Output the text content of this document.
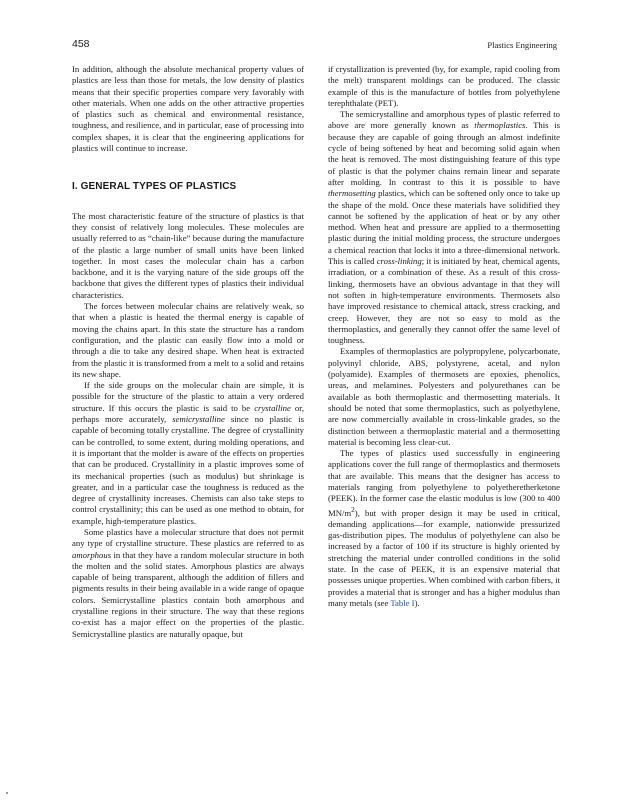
458	Plastics Engineering

In addition, although the absolute mechanical property values of plastics are less than those for metals, the low density of plastics means that their specific properties compare very favorably with other materials. When one adds on the other attractive properties of plastics such as chemical and environmental resistance, toughness, and resilience, and in particular, ease of processing into complex shapes, it is clear that the engineering applications for plastics will continue to increase.

I. GENERAL TYPES OF PLASTICS

The most characteristic feature of the structure of plastics is that they consist of relatively long molecules. These molecules are usually referred to as “chain-like” because during the manufacture of the plastic a large number of small units have been linked together. In most cases the molecular chain has a carbon backbone, and it is the varying nature of the side groups off the backbone that gives the different types of plastics their individual characteristics.

The forces between molecular chains are relatively weak, so that when a plastic is heated the thermal energy is capable of moving the chains apart. In this state the structure has a random configuration, and the plastic can easily flow into a mold or through a die to take any desired shape. When heat is extracted from the plastic it is transformed from a melt to a solid and retains its new shape.

If the side groups on the molecular chain are simple, it is possible for the structure of the plastic to attain a very ordered structure. If this occurs the plastic is said to be crystalline or, perhaps more accurately, semicrystalline since no plastic is capable of becoming totally crystalline. The degree of crystallinity can be controlled, to some extent, during molding operations, and it is important that the molder is aware of the effects on properties that can be produced. Crystallinity in a plastic improves some of its mechanical properties (such as modulus) but shrinkage is greater, and in a particular case the toughness is reduced as the degree of crystallinity increases. Chemists can also take steps to control crystallinity; this can be used as one method to obtain, for example, high-temperature plastics.

Some plastics have a molecular structure that does not permit any type of crystalline structure. These plastics are referred to as amorphous in that they have a random molecular structure in both the molten and the solid states. Amorphous plastics are always capable of being transparent, although the addition of fillers and pigments results in their being available in a wide range of opaque colors. Semicrystalline plastics contain both amorphous and crystalline regions in their structure. The way that these regions co-exist has a major effect on the properties of the plastic. Semicrystalline plastics are naturally opaque, but

if crystallization is prevented (by, for example, rapid cooling from the melt) transparent moldings can be produced. The classic example of this is the manufacture of bottles from polyethylene terephthalate (PET).

The semicrystalline and amorphous types of plastic referred to above are more generally known as thermoplastics. This is because they are capable of going through an almost indefinite cycle of being softened by heat and becoming solid again when the heat is removed. The most distinguishing feature of this type of plastic is that the polymer chains remain linear and separate after molding. In contrast to this it is possible to have thermosetting plastics, which can be softened only once to take up the shape of the mold. Once these materials have solidified they cannot be softened by the application of heat or by any other method. When heat and pressure are applied to a thermosetting plastic during the initial molding process, the structure undergoes a chemical reaction that locks it into a three-dimensional network. This is called cross-linking; it is initiated by heat, chemical agents, irradiation, or a combination of these. As a result of this cross-linking, thermosets have an obvious advantage in that they will not soften in high-temperature environments. Thermosets also have improved resistance to chemical attack, stress cracking, and creep. However, they are not so easy to mold as the thermoplastics, and generally they cannot offer the same level of toughness.

Examples of thermoplastics are polypropylene, polycarbonate, polyvinyl chloride, ABS, polystyrene, acetal, and nylon (polyamide). Examples of thermosets are epoxies, phenolics, ureas, and melamines. Polyesters and polyurethanes can be available as both thermoplastic and thermosetting materials. It should be noted that some thermoplastics, such as polyethylene, are now commercially available in cross-linkable grades, so the distinction between a thermoplastic material and a thermosetting material is becoming less clear-cut.

The types of plastics used successfully in engineering applications cover the full range of thermoplastics and thermosets that are available. This means that the designer has access to materials ranging from polyethylene to polyetheretherketone (PEEK). In the former case the elastic modulus is low (300 to 400 $MN/m^2$), but with proper design it may be used in critical, demanding applications—for example, nationwide pressurized gas-distribution pipes. The modulus of polyethylene can also be increased by a factor of 100 if its structure is highly oriented by stretching the material under controlled conditions in the solid state. In the case of PEEK, it is an expensive material that possesses unique properties. When combined with carbon fibers, it provides a material that is stronger and has a higher modulus than many metals (see Table I).
